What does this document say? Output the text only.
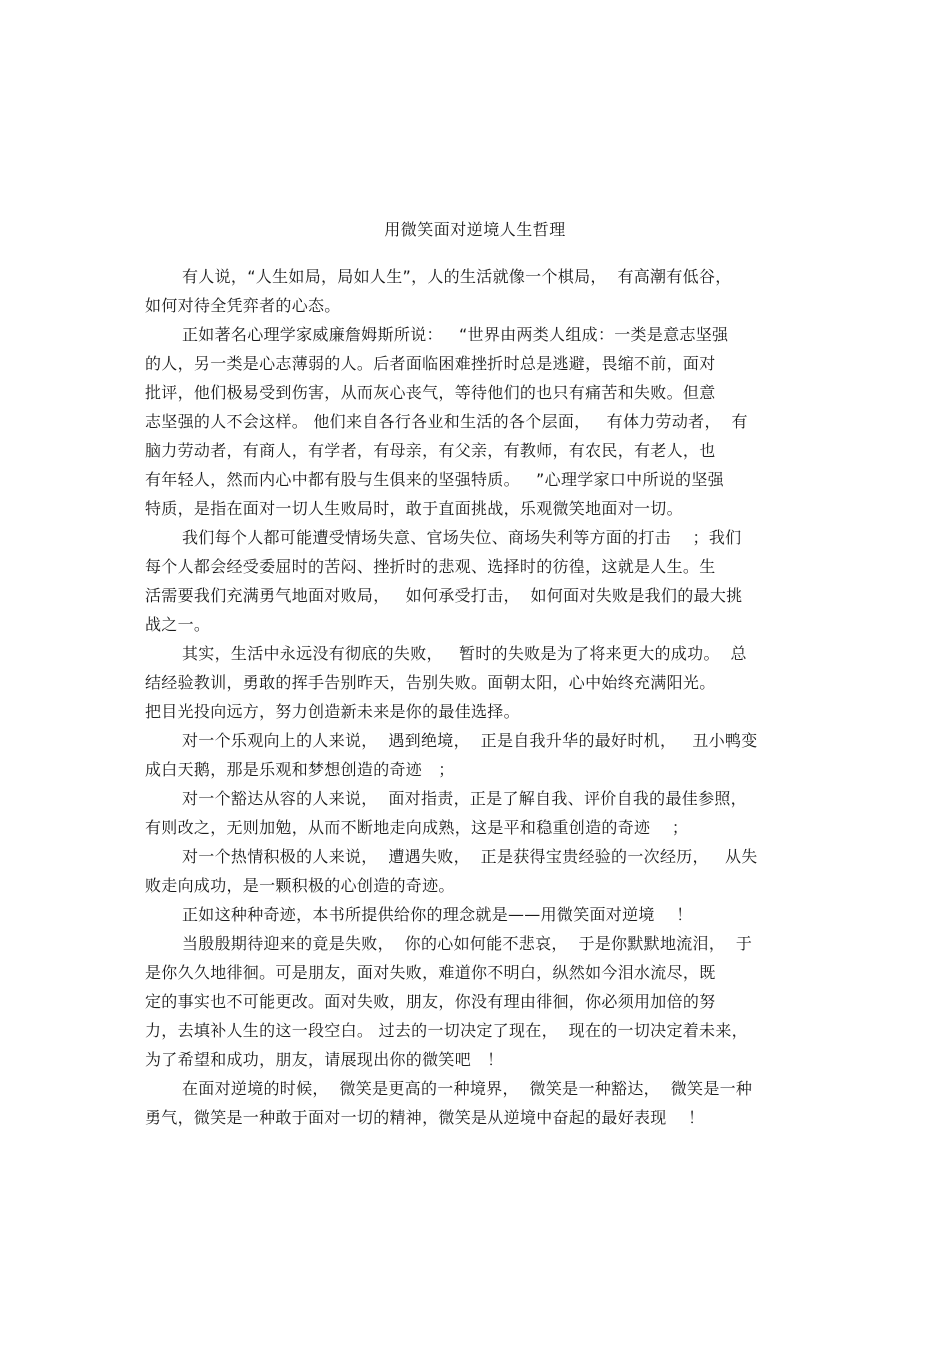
用微笑面对逆境人生哲理
有人说，“人生如局，局如人生”，人的生活就像一个棋局，  有高潮有低谷，
如何对待全凭弈者的心态。
正如著名心理学家威廉詹姆斯所说：   “世界由两类人组成：一类是意志坚强
的人，另一类是心志薄弱的人。后者面临困难挫折时总是逃避，畏缩不前，面对
批评，他们极易受到伤害，从而灰心丧气，等待他们的也只有痛苦和失败。但意
志坚强的人不会这样。 他们来自各行各业和生活的各个层面，   有体力劳动者，  有
脑力劳动者，有商人，有学者，有母亲，有父亲，有教师，有农民，有老人，也
有年轻人，然而内心中都有股与生俱来的坚强特质。   ”心理学家口中所说的坚强
特质，是指在面对一切人生败局时，敢于直面挑战，乐观微笑地面对一切。
我们每个人都可能遭受情场失意、官场失位、商场失利等方面的打击    ；我们
每个人都会经受委屈时的苦闷、挫折时的悲观、选择时的彷徨，这就是人生。生
活需要我们充满勇气地面对败局，   如何承受打击，  如何面对失败是我们的最大挑
战之一。
其实，生活中永远没有彻底的失败，   暂时的失败是为了将来更大的成功。  总
结经验教训，勇敢的挥手告别昨天，告别失败。面朝太阳，心中始终充满阳光。
把目光投向远方，努力创造新未来是你的最佳选择。
对一个乐观向上的人来说，  遇到绝境，  正是自我升华的最好时机，   丑小鸭变
成白天鹅，那是乐观和梦想创造的奇迹   ；
对一个豁达从容的人来说，  面对指责，正是了解自我、评价自我的最佳参照，
有则改之，无则加勉，从而不断地走向成熟，这是平和稳重创造的奇迹    ；
对一个热情积极的人来说，  遭遇失败，  正是获得宝贵经验的一次经历，   从失
败走向成功，是一颗积极的心创造的奇迹。
正如这种种奇迹，本书所提供给你的理念就是——用微笑面对逆境    ！
当殷殷期待迎来的竟是失败，  你的心如何能不悲哀，  于是你默默地流泪，  于
是你久久地徘徊。可是朋友，面对失败，难道你不明白，纵然如今泪水流尽，既
定的事实也不可能更改。面对失败，朋友，你没有理由徘徊，你必须用加倍的努
力，去填补人生的这一段空白。 过去的一切决定了现在，  现在的一切决定着未来，
为了希望和成功，朋友，请展现出你的微笑吧   ！
在面对逆境的时候，  微笑是更高的一种境界，  微笑是一种豁达，  微笑是一种
勇气，微笑是一种敢于面对一切的精神，微笑是从逆境中奋起的最好表现    ！
